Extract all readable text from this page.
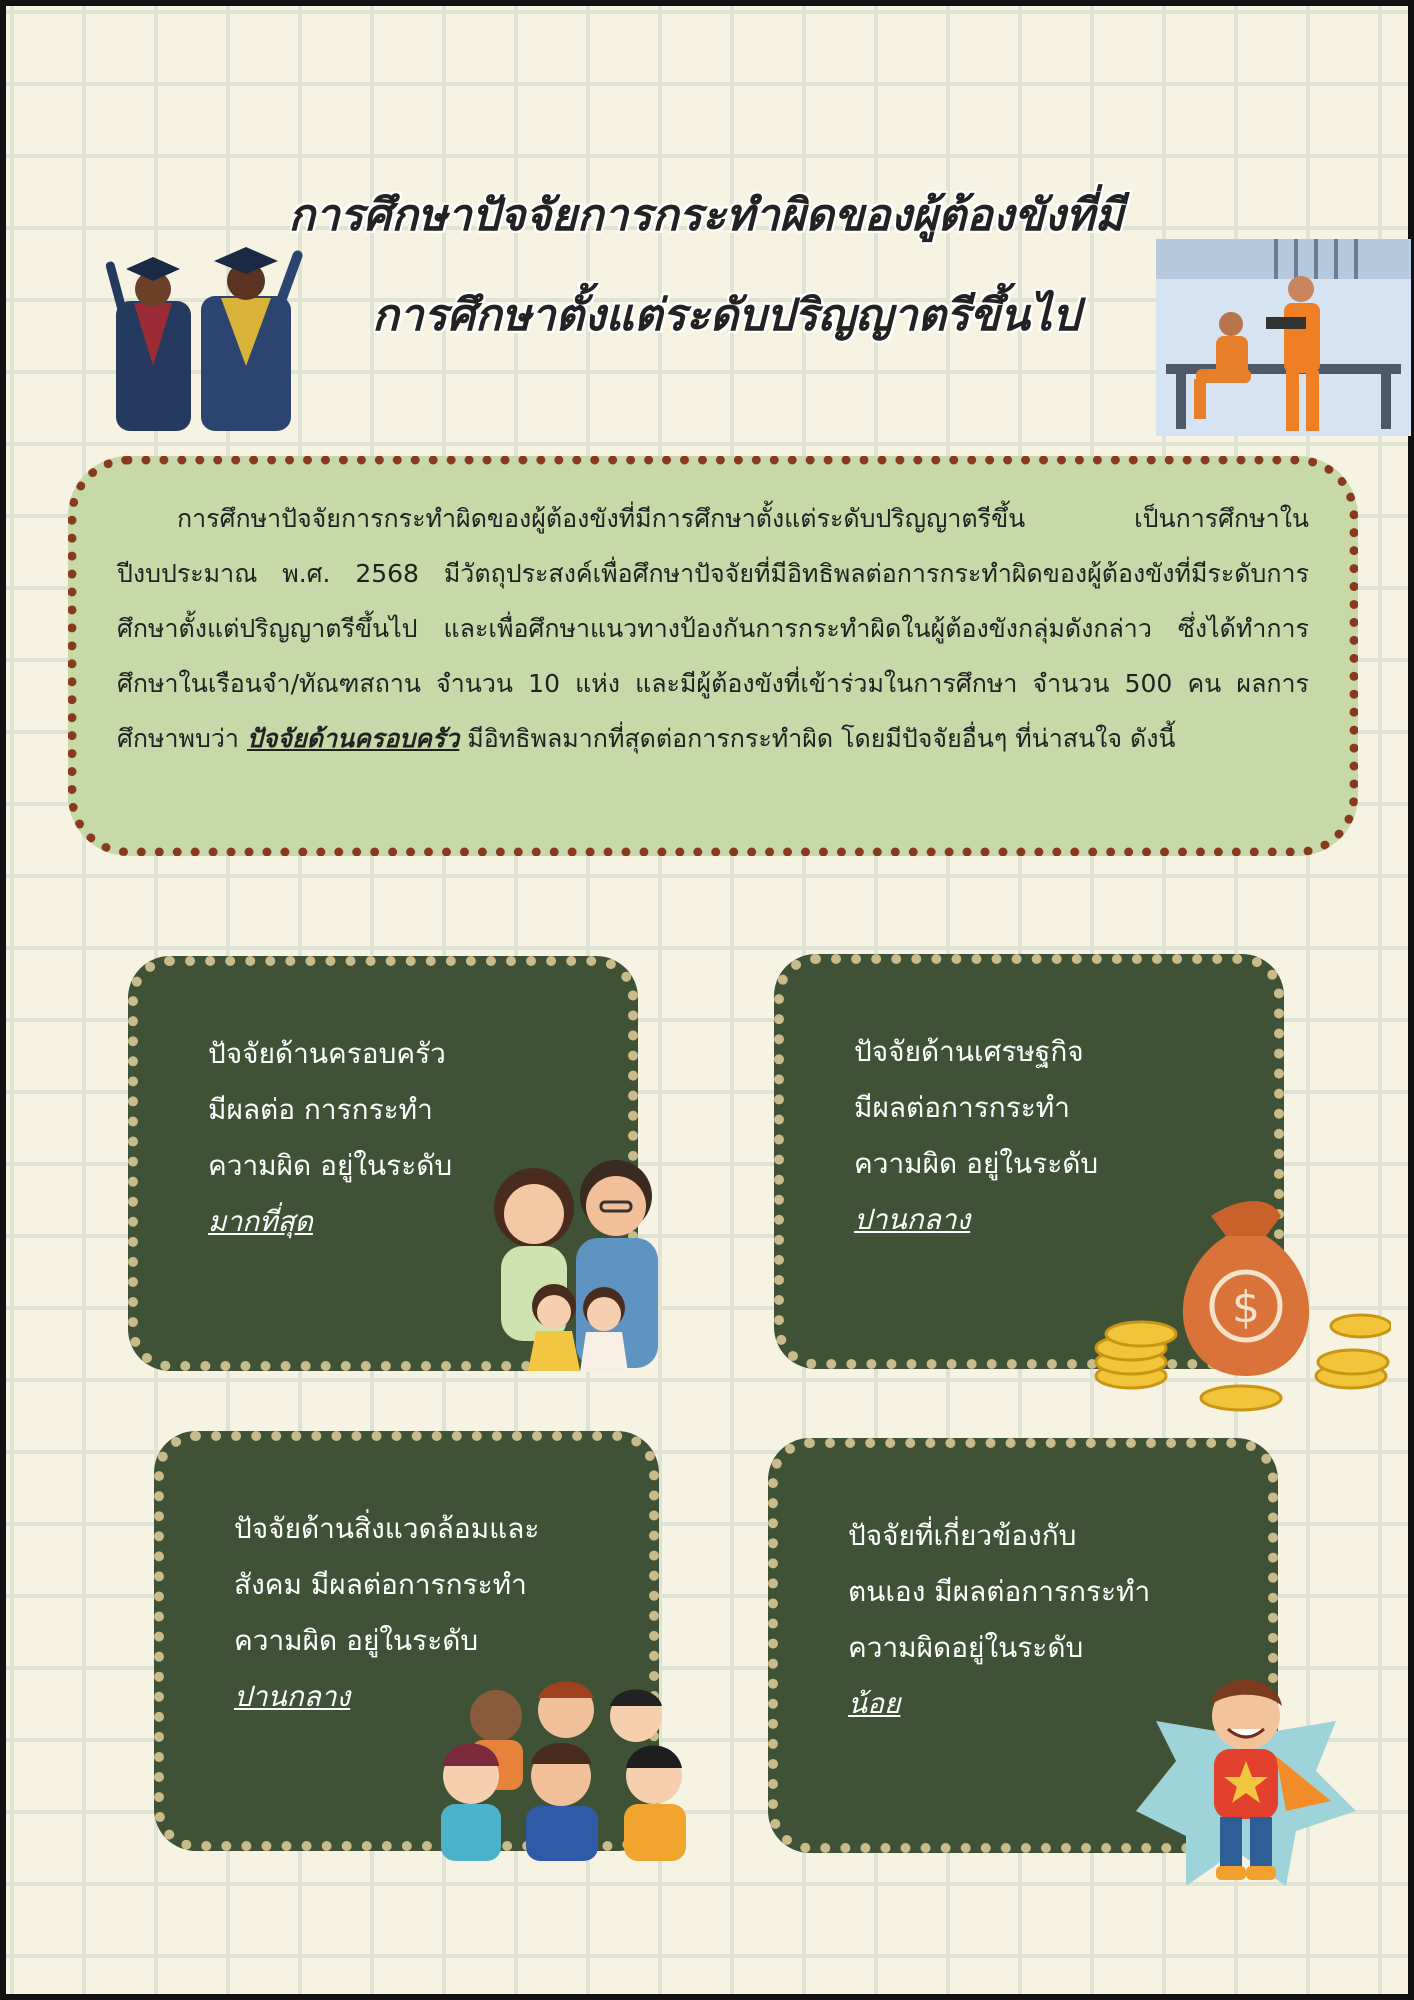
การศึกษาปัจจัยการกระทำผิดของผู้ต้องขังที่มี
การศึกษาตั้งแต่ระดับปริญญาตรีขึ้นไป

การศึกษาปัจจัยการกระทำผิดของผู้ต้องขังที่มีการศึกษาตั้งแต่ระดับปริญญาตรีขึ้น เป็นการศึกษาในปีงบประมาณ พ.ศ. 2568 มีวัตถุประสงค์เพื่อศึกษาปัจจัยที่มีอิทธิพลต่อการกระทำผิดของผู้ต้องขังที่มีระดับการศึกษาตั้งแต่ปริญญาตรีขึ้นไป และเพื่อศึกษาแนวทางป้องกันการกระทำผิดในผู้ต้องขังกลุ่มดังกล่าว ซึ่งได้ทำการศึกษาในเรือนจำ/ทัณฑสถาน จำนวน 10 แห่ง และมีผู้ต้องขังที่เข้าร่วมในการศึกษา จำนวน 500 คน ผลการศึกษาพบว่า ปัจจัยด้านครอบครัว มีอิทธิพลมากที่สุดต่อการกระทำผิด โดยมีปัจจัยอื่นๆ ที่น่าสนใจ ดังนี้

ปัจจัยด้านครอบครัว
มีผลต่อ การกระทำ
ความผิด อยู่ในระดับ
มากที่สุด
ปัจจัยด้านเศรษฐกิจ
มีผลต่อการกระทำ
ความผิด อยู่ในระดับ
ปานกลาง
ปัจจัยด้านสิ่งแวดล้อมและ
สังคม มีผลต่อการกระทำ
ความผิด อยู่ในระดับ
ปานกลาง
ปัจจัยที่เกี่ยวข้องกับ
ตนเอง มีผลต่อการกระทำ
ความผิดอยู่ในระดับ
น้อย
$
